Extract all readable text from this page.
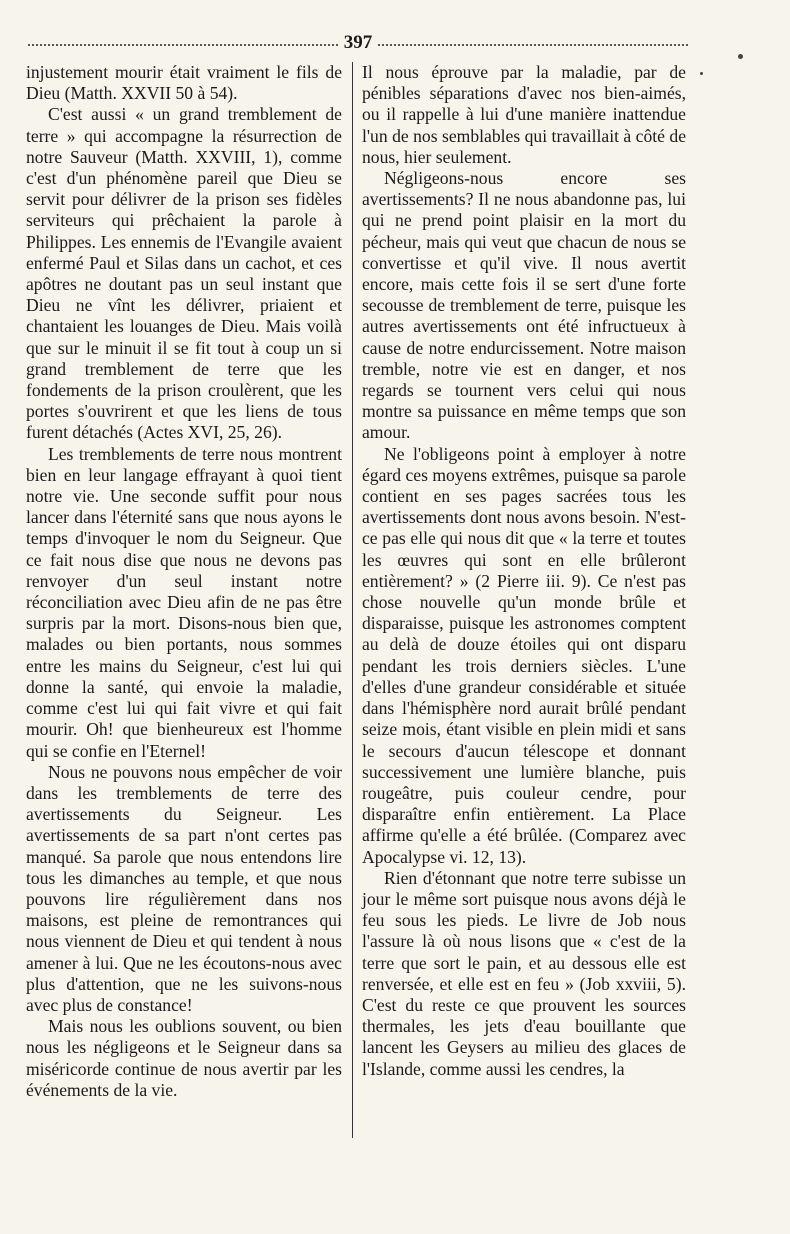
397

injustement mourir était vraiment le fils de Dieu (Matth. XXVII 50 à 54).

C'est aussi « un grand tremblement de terre » qui accompagne la résurrection de notre Sauveur (Matth. XXVIII, 1), comme c'est d'un phénomène pareil que Dieu se servit pour délivrer de la prison ses fidèles serviteurs qui prêchaient la parole à Philippes. Les ennemis de l'Evangile avaient enfermé Paul et Silas dans un cachot, et ces apôtres ne doutant pas un seul instant que Dieu ne vînt les délivrer, priaient et chantaient les louanges de Dieu. Mais voilà que sur le minuit il se fit tout à coup un si grand tremblement de terre que les fondements de la prison croulèrent, que les portes s'ouvrirent et que les liens de tous furent détachés (Actes XVI, 25, 26).

Les tremblements de terre nous montrent bien en leur langage effrayant à quoi tient notre vie. Une seconde suffit pour nous lancer dans l'éternité sans que nous ayons le temps d'invoquer le nom du Seigneur. Que ce fait nous dise que nous ne devons pas renvoyer d'un seul instant notre réconciliation avec Dieu afin de ne pas être surpris par la mort. Disons-nous bien que, malades ou bien portants, nous sommes entre les mains du Seigneur, c'est lui qui donne la santé, qui envoie la maladie, comme c'est lui qui fait vivre et qui fait mourir. Oh! que bienheureux est l'homme qui se confie en l'Eternel!

Nous ne pouvons nous empêcher de voir dans les tremblements de terre des avertissements du Seigneur. Les avertissements de sa part n'ont certes pas manqué. Sa parole que nous entendons lire tous les dimanches au temple, et que nous pouvons lire régulièrement dans nos maisons, est pleine de remontrances qui nous viennent de Dieu et qui tendent à nous amener à lui. Que ne les écoutons-nous avec plus d'attention, que ne les suivons-nous avec plus de constance!

Mais nous les oublions souvent, ou bien nous les négligeons et le Seigneur dans sa miséricorde continue de nous avertir par les événements de la vie.

Il nous éprouve par la maladie, par de pénibles séparations d'avec nos bien-aimés, ou il rappelle à lui d'une manière inattendue l'un de nos semblables qui travaillait à côté de nous, hier seulement.

Négligeons-nous encore ses avertissements? Il ne nous abandonne pas, lui qui ne prend point plaisir en la mort du pécheur, mais qui veut que chacun de nous se convertisse et qu'il vive. Il nous avertit encore, mais cette fois il se sert d'une forte secousse de tremblement de terre, puisque les autres avertissements ont été infructueux à cause de notre endurcissement. Notre maison tremble, notre vie est en danger, et nos regards se tournent vers celui qui nous montre sa puissance en même temps que son amour.

Ne l'obligeons point à employer à notre égard ces moyens extrêmes, puisque sa parole contient en ses pages sacrées tous les avertissements dont nous avons besoin. N'est-ce pas elle qui nous dit que « la terre et toutes les œuvres qui sont en elle brûleront entièrement? » (2 Pierre iii. 9). Ce n'est pas chose nouvelle qu'un monde brûle et disparaisse, puisque les astronomes comptent au delà de douze étoiles qui ont disparu pendant les trois derniers siècles. L'une d'elles d'une grandeur considérable et située dans l'hémisphère nord aurait brûlé pendant seize mois, étant visible en plein midi et sans le secours d'aucun télescope et donnant successivement une lumière blanche, puis rougeâtre, puis couleur cendre, pour disparaître enfin entièrement. La Place affirme qu'elle a été brûlée. (Comparez avec Apocalypse vi. 12, 13).

Rien d'étonnant que notre terre subisse un jour le même sort puisque nous avons déjà le feu sous les pieds. Le livre de Job nous l'assure là où nous lisons que « c'est de la terre que sort le pain, et au dessous elle est renversée, et elle est en feu » (Job xxviii, 5). C'est du reste ce que prouvent les sources thermales, les jets d'eau bouillante que lancent les Geysers au milieu des glaces de l'Islande, comme aussi les cendres, la
